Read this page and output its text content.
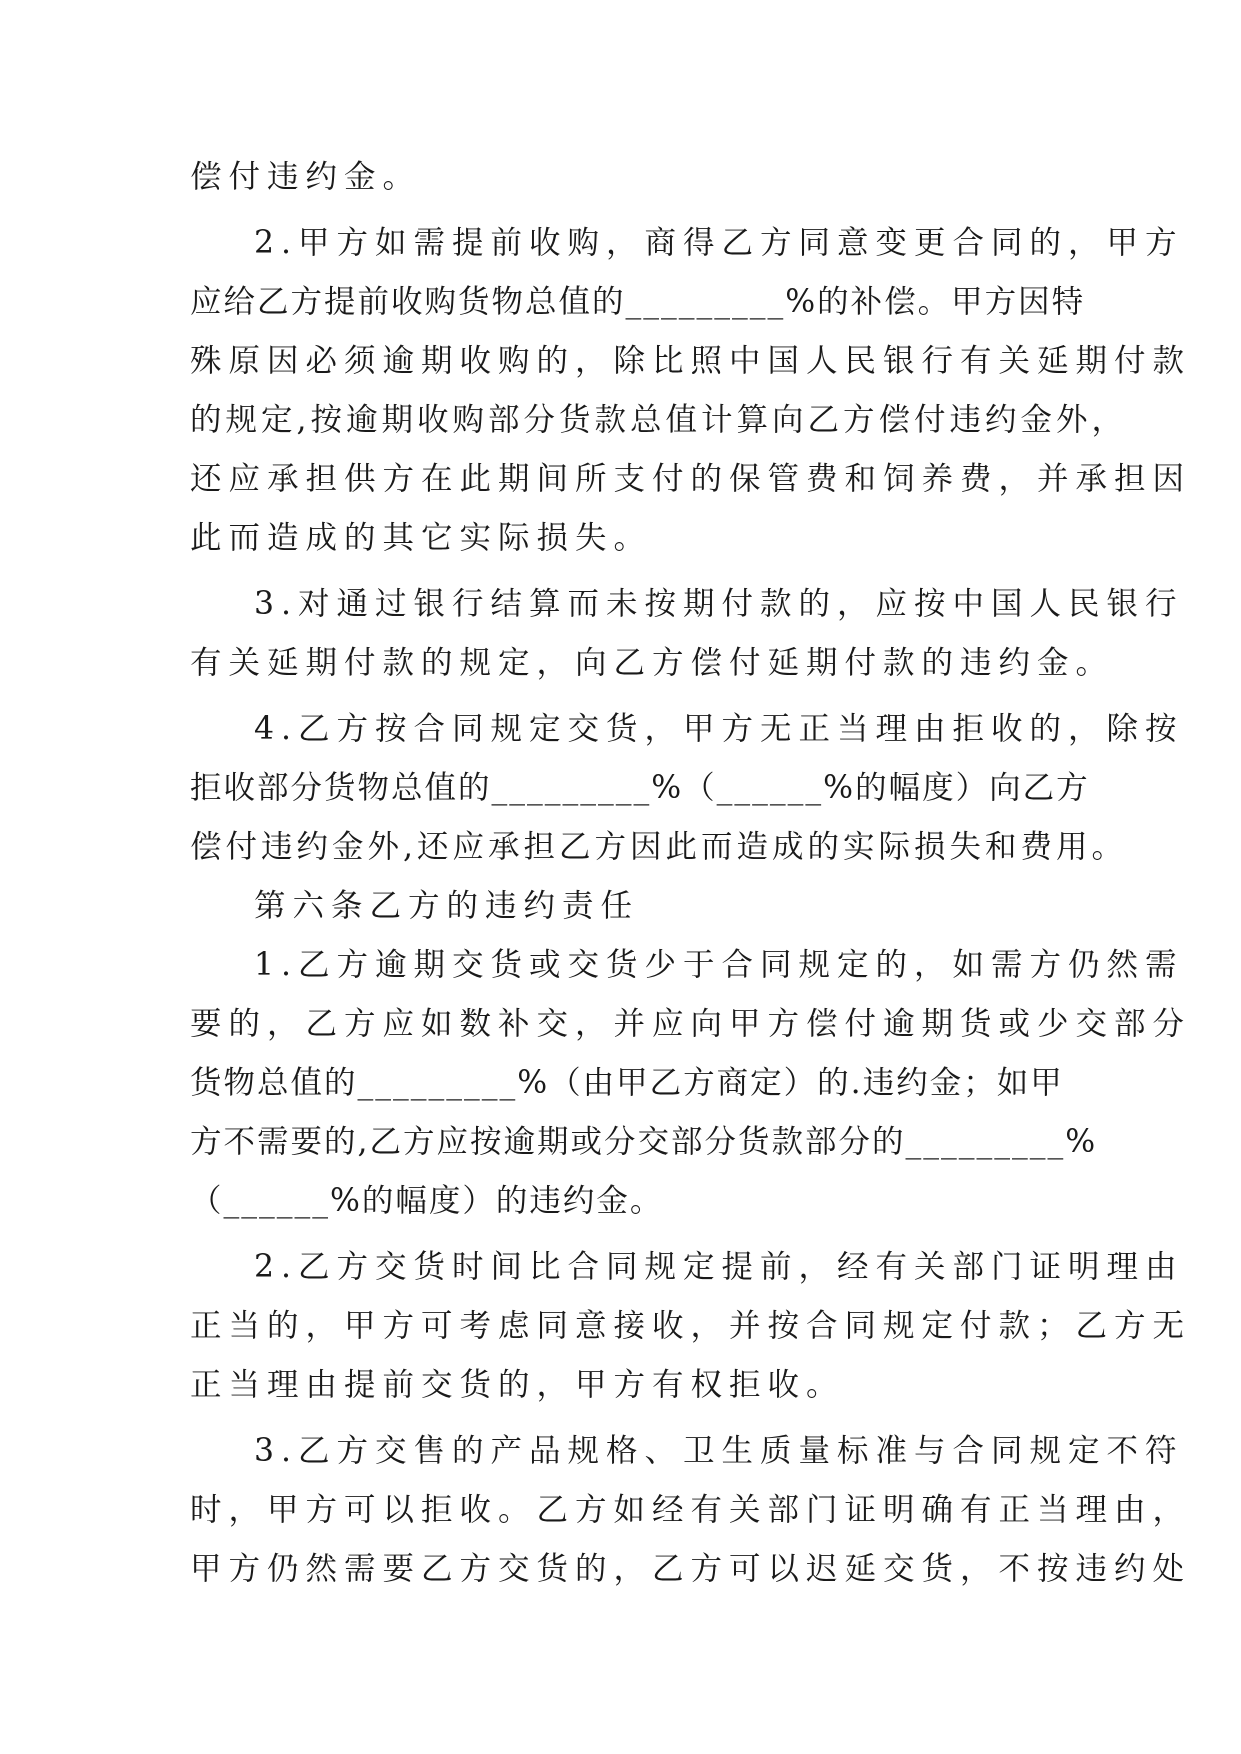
偿付违约金。
2.甲方如需提前收购，商得乙方同意变更合同的，甲方
应给乙方提前收购货物总值的_________%的补偿。甲方因特
殊原因必须逾期收购的，除比照中国人民银行有关延期付款
的规定,按逾期收购部分货款总值计算向乙方偿付违约金外，
还应承担供方在此期间所支付的保管费和饲养费，并承担因
此而造成的其它实际损失。
3.对通过银行结算而未按期付款的，应按中国人民银行
有关延期付款的规定，向乙方偿付延期付款的违约金。
4.乙方按合同规定交货，甲方无正当理由拒收的，除按
拒收部分货物总值的_________%（______%的幅度）向乙方
偿付违约金外,还应承担乙方因此而造成的实际损失和费用。
第六条乙方的违约责任
1.乙方逾期交货或交货少于合同规定的，如需方仍然需
要的，乙方应如数补交，并应向甲方偿付逾期货或少交部分
货物总值的_________%（由甲乙方商定）的.违约金；如甲
方不需要的,乙方应按逾期或分交部分货款部分的_________%
（______%的幅度）的违约金。
2.乙方交货时间比合同规定提前，经有关部门证明理由
正当的，甲方可考虑同意接收，并按合同规定付款；乙方无
正当理由提前交货的，甲方有权拒收。
3.乙方交售的产品规格、卫生质量标准与合同规定不符
时，甲方可以拒收。乙方如经有关部门证明确有正当理由，
甲方仍然需要乙方交货的，乙方可以迟延交货，不按违约处
